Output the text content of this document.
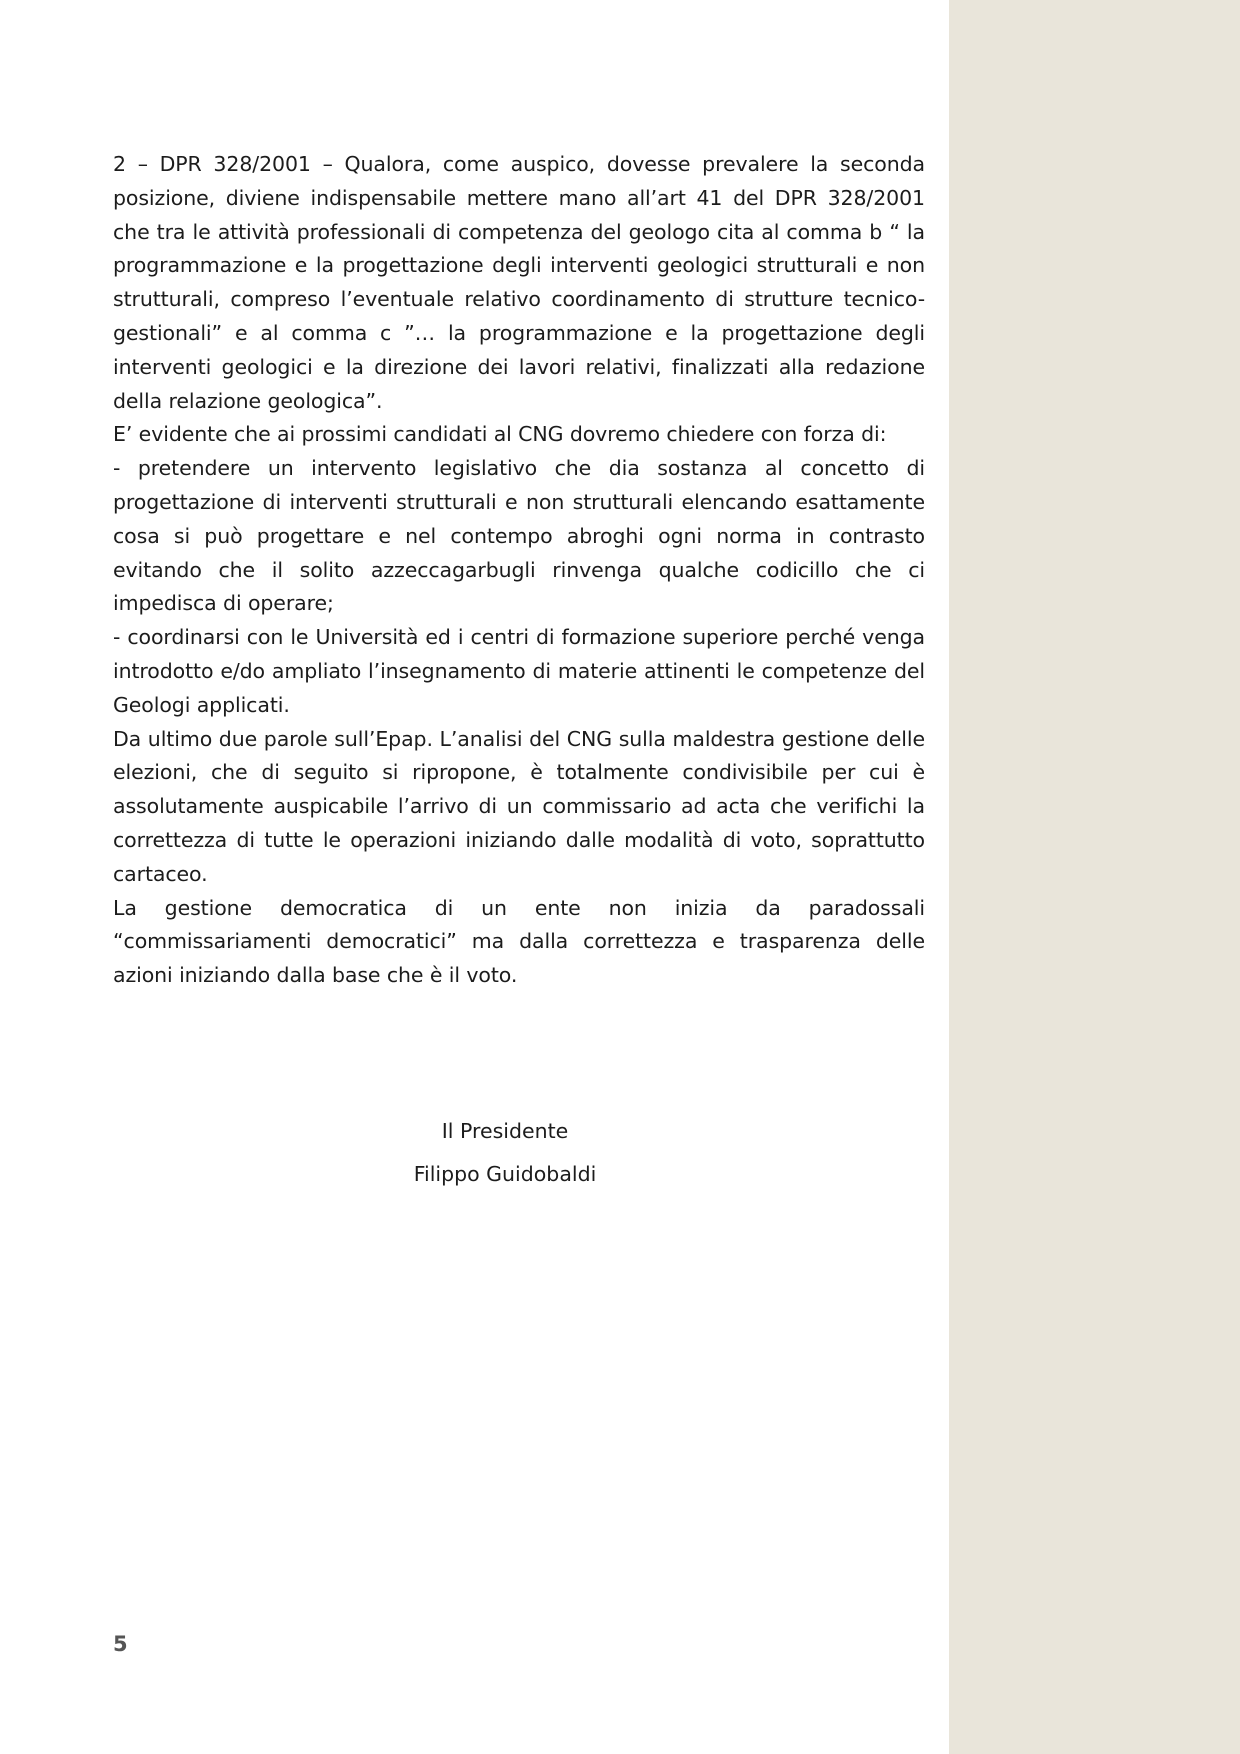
2 – DPR 328/2001 – Qualora, come auspico, dovesse prevalere la seconda posizione, diviene indispensabile mettere mano all’art 41 del DPR 328/2001 che tra le attività professionali di competenza del geologo cita al comma b “ la programmazione e la progettazione degli interventi geologici strutturali e non strutturali, compreso l’eventuale relativo coordinamento di strutture tecnico-gestionali” e al comma c ”… la programmazione e la progettazione degli interventi geologici e la direzione dei lavori relativi, finalizzati alla redazione della relazione geologica”.

E’ evidente che ai prossimi candidati al CNG dovremo chiedere con forza di:

- pretendere un intervento legislativo che dia sostanza al concetto di progettazione di interventi strutturali e non strutturali elencando esattamente cosa si può progettare e nel contempo abroghi ogni norma in contrasto evitando che il solito azzeccagarbugli rinvenga qualche codicillo che ci impedisca di operare;

- coordinarsi con le Università ed i centri di formazione superiore perché venga introdotto e/do ampliato l’insegnamento di materie attinenti le competenze del Geologi applicati.

Da ultimo due parole sull’Epap. L’analisi del CNG sulla maldestra gestione delle elezioni, che di seguito si ripropone, è totalmente condivisibile per cui è assolutamente auspicabile l’arrivo di un commissario ad acta che verifichi la correttezza di tutte le operazioni iniziando dalle modalità di voto, soprattutto cartaceo.

La gestione democratica di un ente non inizia da paradossali “commissariamenti democratici” ma dalla correttezza e trasparenza delle azioni iniziando dalla base che è il voto.

Il Presidente
Filippo Guidobaldi
5
